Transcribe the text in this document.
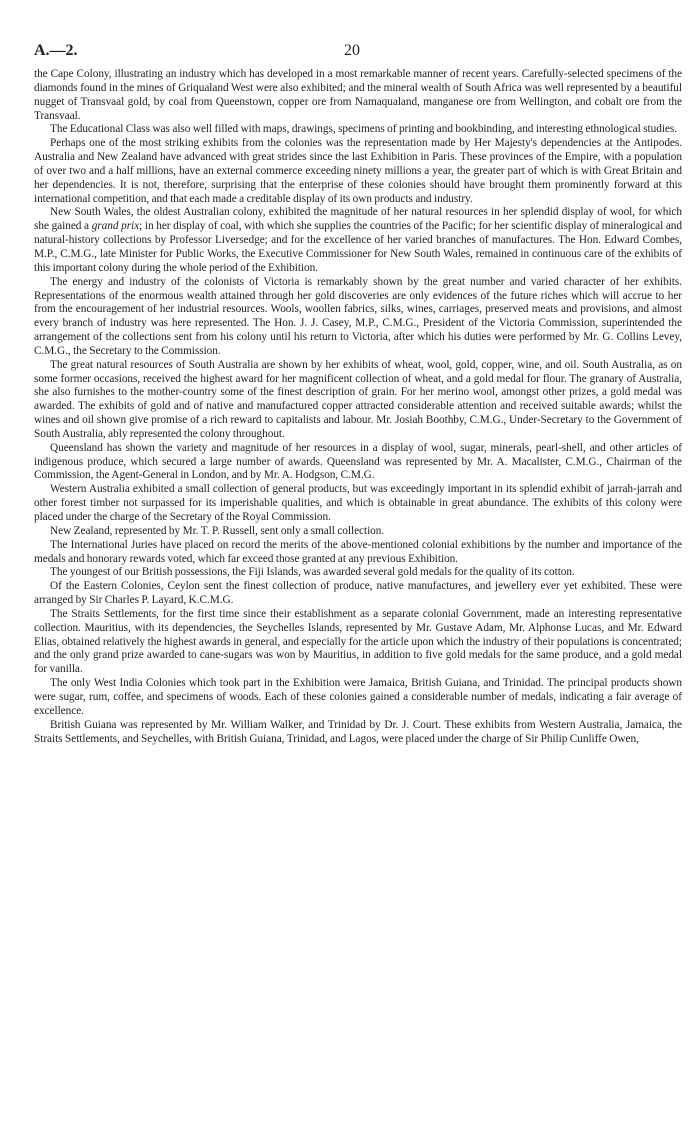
A.—2.	20

the Cape Colony, illustrating an industry which has developed in a most remarkable manner of recent years. Carefully-selected specimens of the diamonds found in the mines of Griqualand West were also exhibited; and the mineral wealth of South Africa was well represented by a beautiful nugget of Transvaal gold, by coal from Queenstown, copper ore from Namaqualand, manganese ore from Wellington, and cobalt ore from the Transvaal.

The Educational Class was also well filled with maps, drawings, specimens of printing and bookbinding, and interesting ethnological studies.

Perhaps one of the most striking exhibits from the colonies was the representation made by Her Majesty's dependencies at the Antipodes. Australia and New Zealand have advanced with great strides since the last Exhibition in Paris. These provinces of the Empire, with a population of over two and a half millions, have an external commerce exceeding ninety millions a year, the greater part of which is with Great Britain and her dependencies. It is not, therefore, surprising that the enterprise of these colonies should have brought them prominently forward at this international competition, and that each made a creditable display of its own products and industry.

New South Wales, the oldest Australian colony, exhibited the magnitude of her natural resources in her splendid display of wool, for which she gained a grand prix; in her display of coal, with which she supplies the countries of the Pacific; for her scientific display of mineralogical and natural-history collections by Professor Liversedge; and for the excellence of her varied branches of manufactures. The Hon. Edward Combes, M.P., C.M.G., late Minister for Public Works, the Executive Commissioner for New South Wales, remained in continuous care of the exhibits of this important colony during the whole period of the Exhibition.

The energy and industry of the colonists of Victoria is remarkably shown by the great number and varied character of her exhibits. Representations of the enormous wealth attained through her gold discoveries are only evidences of the future riches which will accrue to her from the encouragement of her industrial resources. Wools, woollen fabrics, silks, wines, carriages, preserved meats and provisions, and almost every branch of industry was here represented. The Hon. J. J. Casey, M.P., C.M.G., President of the Victoria Commission, superintended the arrangement of the collections sent from his colony until his return to Victoria, after which his duties were performed by Mr. G. Collins Levey, C.M.G., the Secretary to the Commission.

The great natural resources of South Australia are shown by her exhibits of wheat, wool, gold, copper, wine, and oil. South Australia, as on some former occasions, received the highest award for her magnificent collection of wheat, and a gold medal for flour. The granary of Australia, she also furnishes to the mother-country some of the finest description of grain. For her merino wool, amongst other prizes, a gold medal was awarded. The exhibits of gold and of native and manufactured copper attracted considerable attention and received suitable awards; whilst the wines and oil shown give promise of a rich reward to capitalists and labour. Mr. Josiah Boothby, C.M.G., Under-Secretary to the Government of South Australia, ably represented the colony throughout.

Queensland has shown the variety and magnitude of her resources in a display of wool, sugar, minerals, pearl-shell, and other articles of indigenous produce, which secured a large number of awards. Queensland was represented by Mr. A. Macalister, C.M.G., Chairman of the Commission, the Agent-General in London, and by Mr. A. Hodgson, C.M.G.

Western Australia exhibited a small collection of general products, but was exceedingly important in its splendid exhibit of jarrah-jarrah and other forest timber not surpassed for its imperishable qualities, and which is obtainable in great abundance. The exhibits of this colony were placed under the charge of the Secretary of the Royal Commission.

New Zealand, represented by Mr. T. P. Russell, sent only a small collection.

The International Juries have placed on record the merits of the above-mentioned colonial exhibitions by the number and importance of the medals and honorary rewards voted, which far exceed those granted at any previous Exhibition.

The youngest of our British possessions, the Fiji Islands, was awarded several gold medals for the quality of its cotton.

Of the Eastern Colonies, Ceylon sent the finest collection of produce, native manufactures, and jewellery ever yet exhibited. These were arranged by Sir Charles P. Layard, K.C.M.G.

The Straits Settlements, for the first time since their establishment as a separate colonial Government, made an interesting representative collection. Mauritius, with its dependencies, the Seychelles Islands, represented by Mr. Gustave Adam, Mr. Alphonse Lucas, and Mr. Edward Elias, obtained relatively the highest awards in general, and especially for the article upon which the industry of their populations is concentrated; and the only grand prize awarded to cane-sugars was won by Mauritius, in addition to five gold medals for the same produce, and a gold medal for vanilla.

The only West India Colonies which took part in the Exhibition were Jamaica, British Guiana, and Trinidad. The principal products shown were sugar, rum, coffee, and specimens of woods. Each of these colonies gained a considerable number of medals, indicating a fair average of excellence.

British Guiana was represented by Mr. William Walker, and Trinidad by Dr. J. Court. These exhibits from Western Australia, Jamaica, the Straits Settlements, and Seychelles, with British Guiana, Trinidad, and Lagos, were placed under the charge of Sir Philip Cunliffe Owen,
